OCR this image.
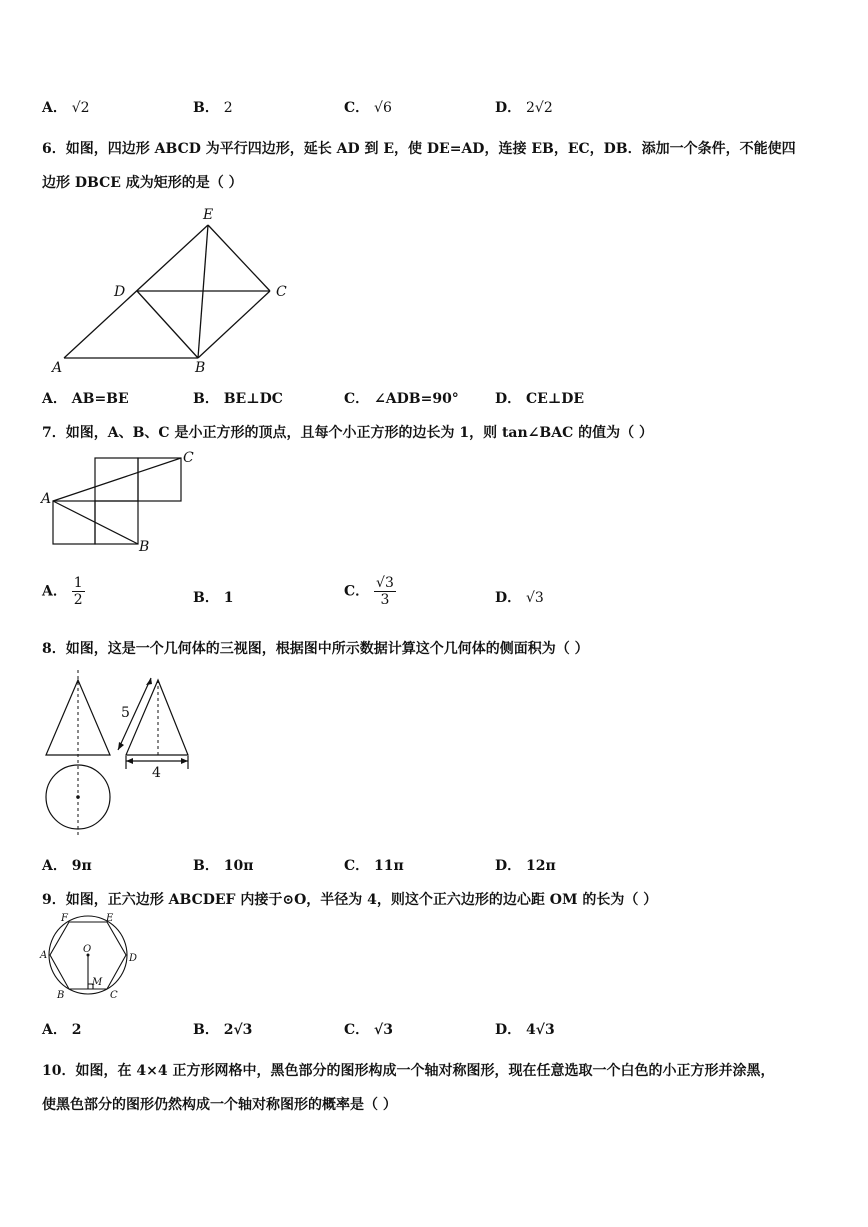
A． √2	B． 2	C． √6	D． 2√2
6．如图，四边形 ABCD 为平行四边形，延长 AD 到 E，使 DE=AD，连接 EB，EC，DB．添加一个条件，不能使四
边形 DBCE 成为矩形的是（ ）
E
D	C
A	B
A． AB=BE	B． BE⊥DC	C． ∠ADB=90°	D． CE⊥DE
7．如图，A、B、C 是小正方形的顶点，且每个小正方形的边长为 1，则 tan∠BAC 的值为（ ）
A
C
B
A． $\frac{1}{2}$	B． 1	C． $\frac{√3}{3}$	D． √3
8．如图，这是一个几何体的三视图，根据图中所示数据计算这个几何体的侧面积为（ ）
5
4
A． 9π	B． 10π	C． 11π	D． 12π
9．如图，正六边形 ABCDEF 内接于⊙O，半径为 4，则这个正六边形的边心距 OM 的长为（ ）
A
B	C
D
E
F
O
M
A． 2	B． 2√3	C． √3	D． 4√3
10．如图，在 4×4 正方形网格中，黑色部分的图形构成一个轴对称图形，现在任意选取一个白色的小正方形并涂黑，
使黑色部分的图形仍然构成一个轴对称图形的概率是（ ）
